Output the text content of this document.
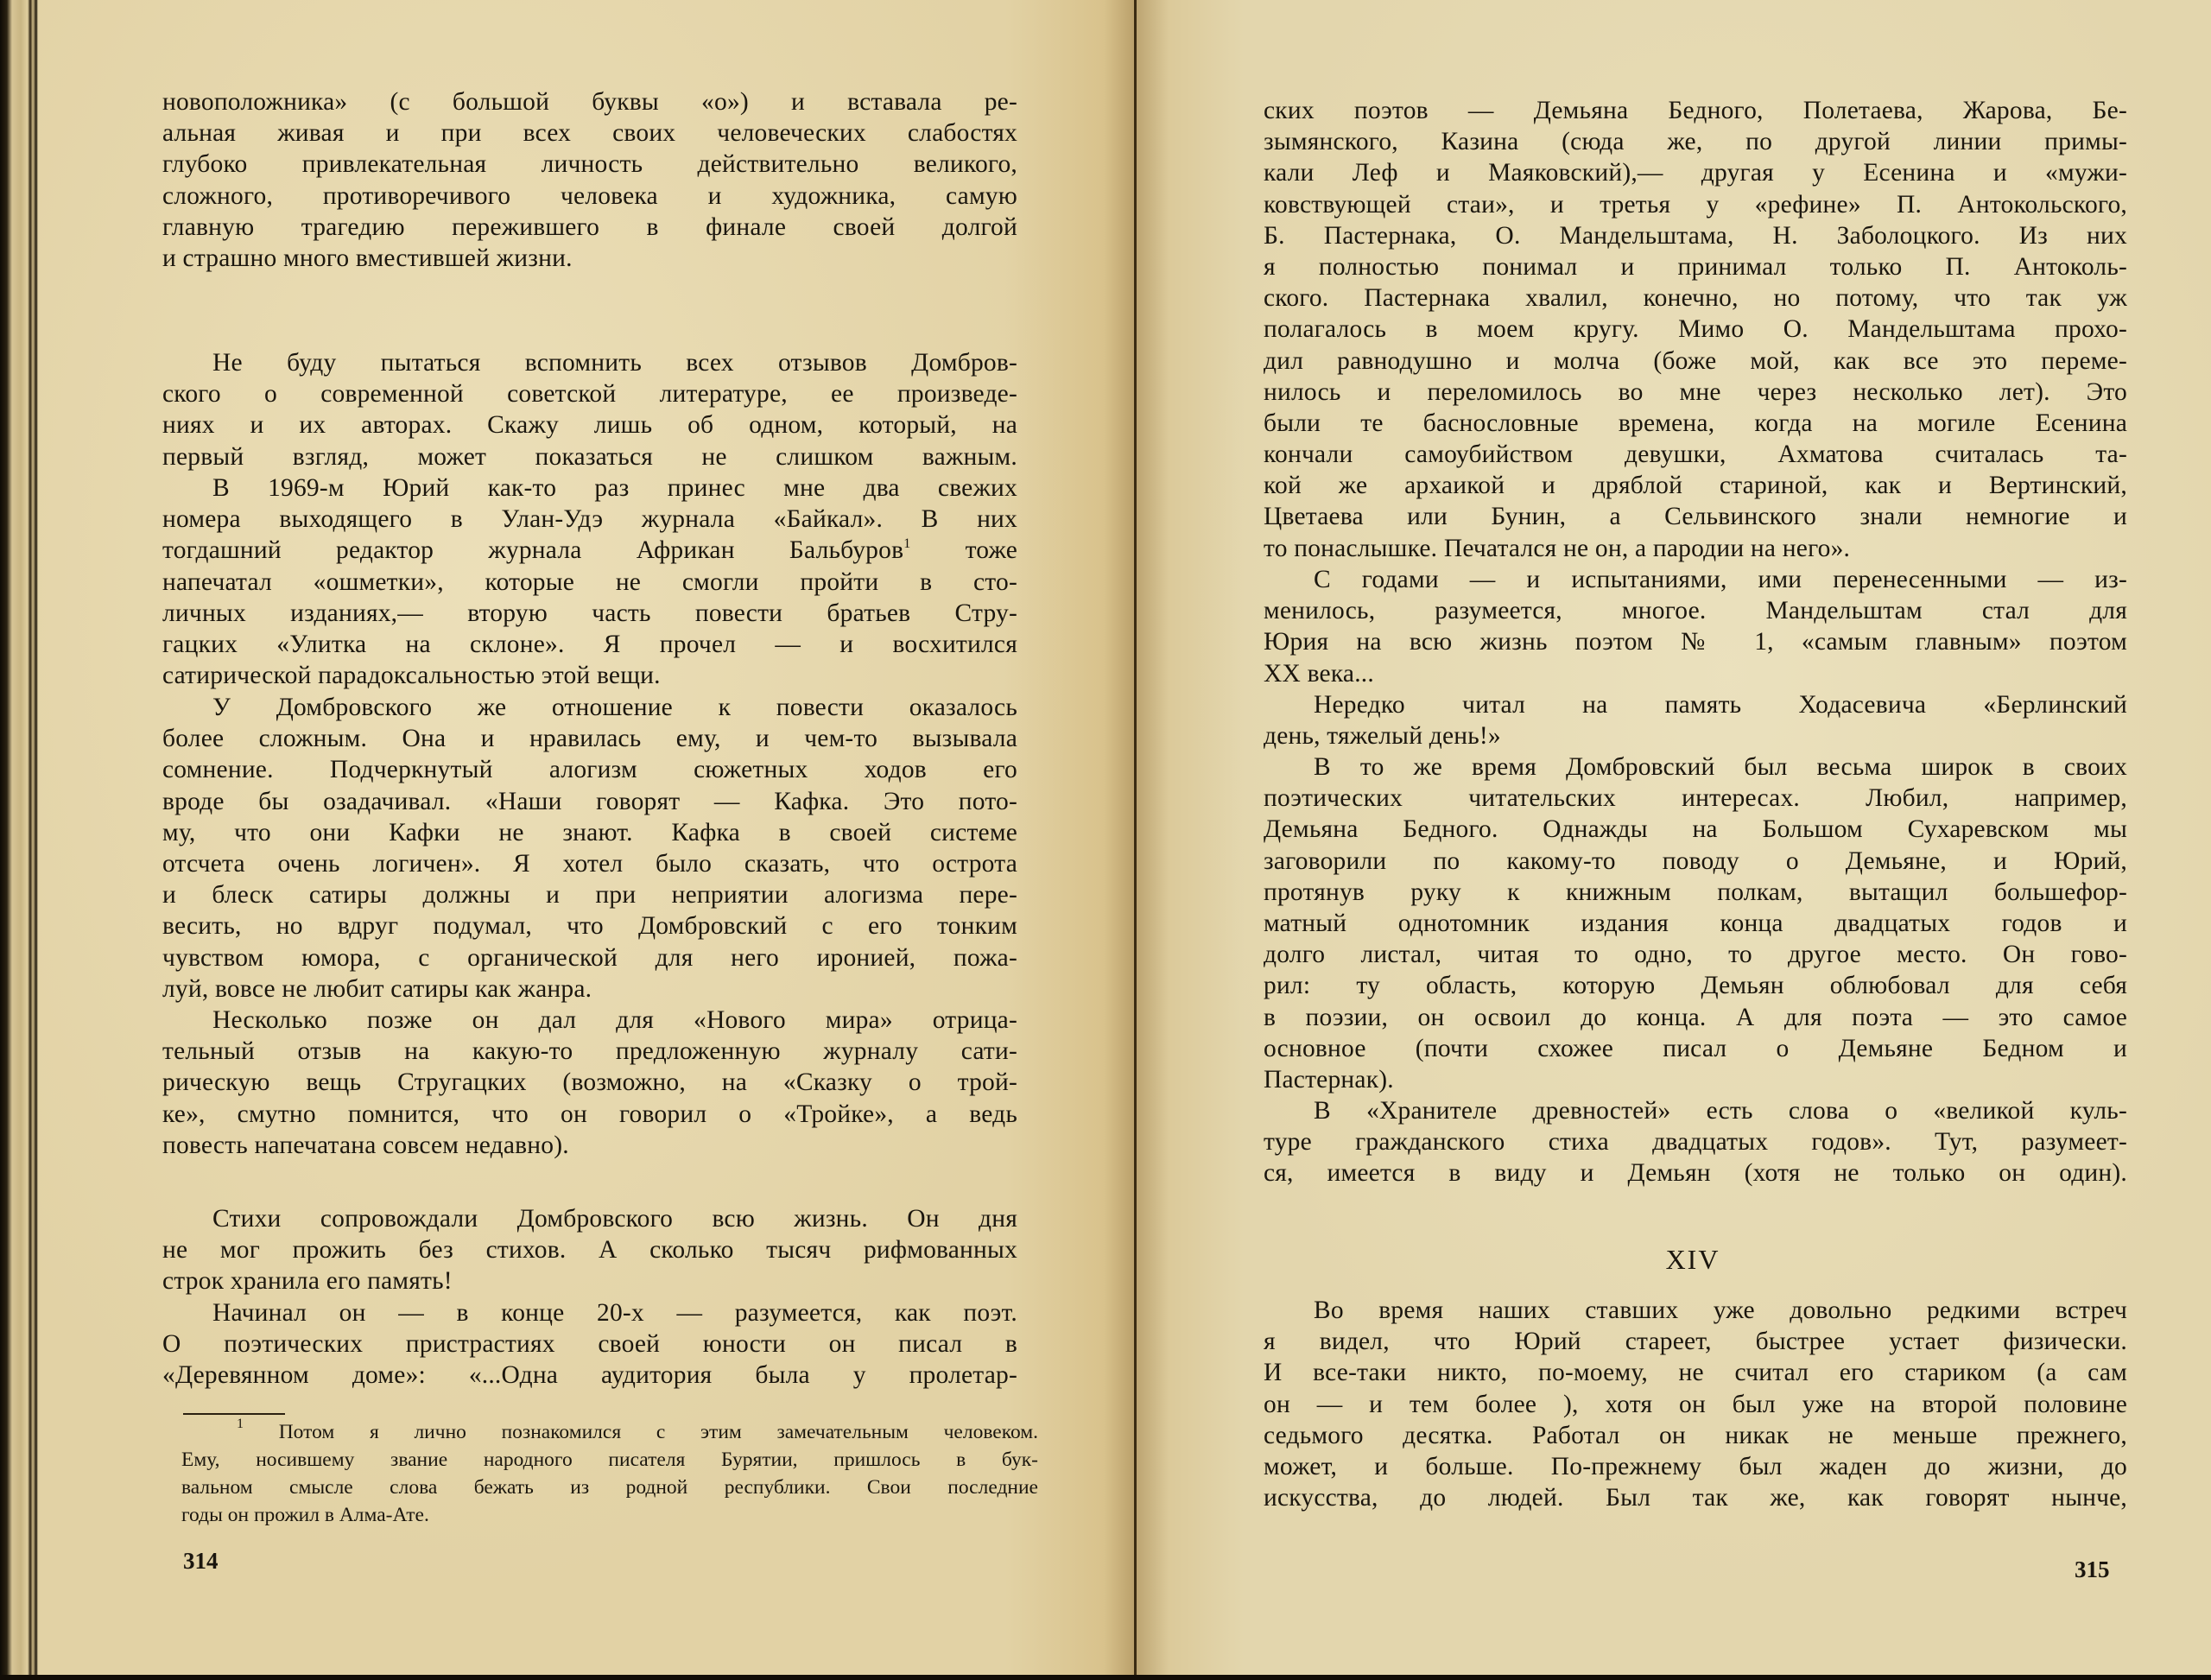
новоположника» (с большой буквы «о») и вставала ре-
альная живая и при всех своих человеческих слабостях
глубоко привлекательная личность действительно великого,
сложного, противоречивого человека и художника, самую
главную трагедию пережившего в финале своей долгой
и страшно много вместившей жизни.
Не буду пытаться вспомнить всех отзывов Домбров-
ского о современной советской литературе, ее произведе-
ниях и их авторах. Скажу лишь об одном, который, на
первый взгляд, может показаться не слишком важным.
В 1969-м Юрий как-то раз принес мне два свежих
номера выходящего в Улан-Удэ журнала «Байкал». В них
тогдашний редактор журнала Африкан Бальбуров$^1$ тоже
напечатал «ошметки», которые не смогли пройти в сто-
личных изданиях,— вторую часть повести братьев Стру-
гацких «Улитка на склоне». Я прочел — и восхитился
сатирической парадоксальностью этой вещи.
У Домбровского же отношение к повести оказалось
более сложным. Она и нравилась ему, и чем-то вызывала
сомнение. Подчеркнутый алогизм сюжетных ходов его
вроде бы озадачивал. «Наши говорят — Кафка. Это пото-
му, что они Кафки не знают. Кафка в своей системе
отсчета очень логичен». Я хотел было сказать, что острота
и блеск сатиры должны и при неприятии алогизма пере-
весить, но вдруг подумал, что Домбровский с его тонким
чувством юмора, с органической для него иронией, пожа-
луй, вовсе не любит сатиры как жанра.
Несколько позже он дал для «Нового мира» отрица-
тельный отзыв на какую-то предложенную журналу сати-
рическую вещь Стругацких (возможно, на «Сказку о трой-
ке», смутно помнится, что он говорил о «Тройке», а ведь
повесть напечатана совсем недавно).
Стихи сопровождали Домбровского всю жизнь. Он дня
не мог прожить без стихов. А сколько тысяч рифмованных
строк хранила его память!
Начинал он — в конце 20-х — разумеется, как поэт.
О поэтических пристрастиях своей юности он писал в
«Деревянном доме»: «...Одна аудитория была у пролетар-
$^1$ Потом я лично познакомился с этим замечательным человеком.
Ему, носившему звание народного писателя Бурятии, пришлось в бук-
вальном смысле слова бежать из родной республики. Свои последние
годы он прожил в Алма-Ате.
314
ских поэтов — Демьяна Бедного, Полетаева, Жарова, Бе-
зымянского, Казина (сюда же, по другой линии примы-
кали Леф и Маяковский),— другая у Есенина и «мужи-
ковствующей стаи», и третья у «рефине» П. Антокольского,
Б. Пастернака, О. Мандельштама, Н. Заболоцкого. Из них
я полностью понимал и принимал только П. Антоколь-
ского. Пастернака хвалил, конечно, но потому, что так уж
полагалось в моем кругу. Мимо О. Мандельштама прохо-
дил равнодушно и молча (боже мой, как все это переме-
нилось и переломилось во мне через несколько лет). Это
были те баснословные времена, когда на могиле Есенина
кончали самоубийством девушки, Ахматова считалась та-
кой же архаикой и дряблой стариной, как и Вертинский,
Цветаева или Бунин, а Сельвинского знали немногие и
то понаслышке. Печатался не он, а пародии на него».
С годами — и испытаниями, ими перенесенными — из-
менилось, разумеется, многое. Мандельштам стал для
Юрия на всю жизнь поэтом № 1, «самым главным» поэтом
XX века...
Нередко читал на память Ходасевича «Берлинский
день, тяжелый день!»
В то же время Домбровский был весьма широк в своих
поэтических читательских интересах. Любил, например,
Демьяна Бедного. Однажды на Большом Сухаревском мы
заговорили по какому-то поводу о Демьяне, и Юрий,
протянув руку к книжным полкам, вытащил большефор-
матный однотомник издания конца двадцатых годов и
долго листал, читая то одно, то другое место. Он гово-
рил: ту область, которую Демьян облюбовал для себя
в поэзии, он освоил до конца. А для поэта — это самое
основное (почти схожее писал о Демьяне Бедном и
Пастернак).
В «Хранителе древностей» есть слова о «великой куль-
туре гражданского стиха двадцатых годов». Тут, разумеет-
ся, имеется в виду и Демьян (хотя не только он один).
XIV
Во время наших ставших уже довольно редкими встреч
я видел, что Юрий стареет, быстрее устает физически.
И все-таки никто, по-моему, не считал его стариком (а сам
он — и тем более ), хотя он был уже на второй половине
седьмого десятка. Работал он никак не меньше прежнего,
может, и больше. По-прежнему был жаден до жизни, до
искусства, до людей. Был так же, как говорят нынче,
315
